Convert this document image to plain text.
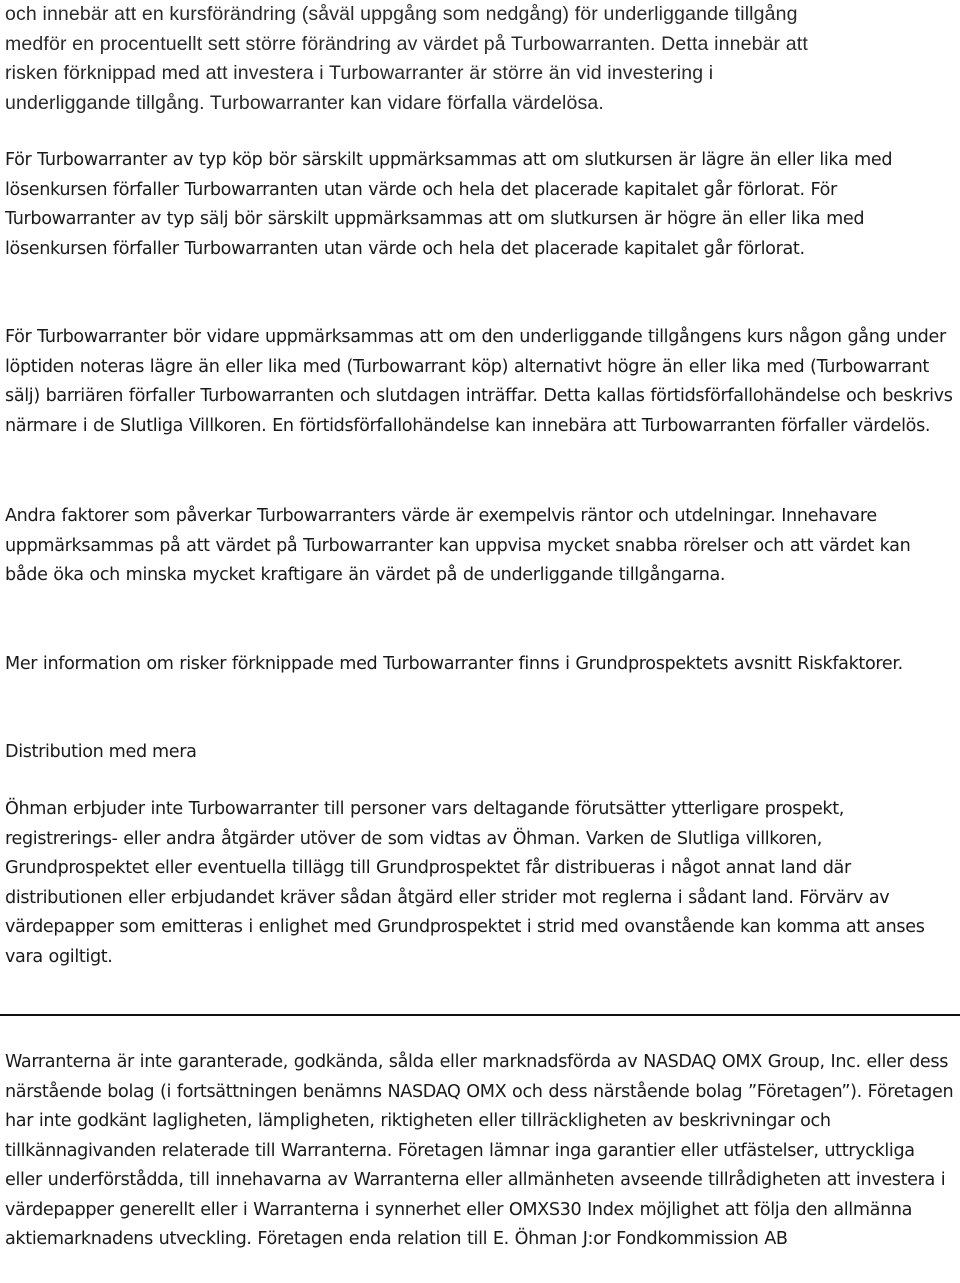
och innebär att en kursförändring (såväl uppgång som nedgång) för underliggande tillgång medför en procentuellt sett större förändring av värdet på Turbowarranten. Detta innebär att risken förknippad med att investera i Turbowarranter är större än vid investering i underliggande tillgång. Turbowarranter kan vidare förfalla värdelösa.

För Turbowarranter av typ köp bör särskilt uppmärksammas att om slutkursen är lägre än eller lika med lösenkursen förfaller Turbowarranten utan värde och hela det placerade kapitalet går förlorat. För Turbowarranter av typ sälj bör särskilt uppmärksammas att om slutkursen är högre än eller lika med lösenkursen förfaller Turbowarranten utan värde och hela det placerade kapitalet går förlorat.

För Turbowarranter bör vidare uppmärksammas att om den underliggande tillgångens kurs någon gång under löptiden noteras lägre än eller lika med (Turbowarrant köp) alternativt högre än eller lika med (Turbowarrant sälj) barriären förfaller Turbowarranten och slutdagen inträffar. Detta kallas förtidsförfallohändelse och beskrivs närmare i de Slutliga Villkoren. En förtidsförfallohändelse kan innebära att Turbowarranten förfaller värdelös.

Andra faktorer som påverkar Turbowarranters värde är exempelvis räntor och utdelningar. Innehavare uppmärksammas på att värdet på Turbowarranter kan uppvisa mycket snabba rörelser och att värdet kan både öka och minska mycket kraftigare än värdet på de underliggande tillgångarna.

Mer information om risker förknippade med Turbowarranter finns i Grundprospektets avsnitt Riskfaktorer.

Distribution med mera

Öhman erbjuder inte Turbowarranter till personer vars deltagande förutsätter ytterligare prospekt, registrerings- eller andra åtgärder utöver de som vidtas av Öhman. Varken de Slutliga villkoren, Grundprospektet eller eventuella tillägg till Grundprospektet får distribueras i något annat land där distributionen eller erbjudandet kräver sådan åtgärd eller strider mot reglerna i sådant land. Förvärv av värdepapper som emitteras i enlighet med Grundprospektet i strid med ovanstående kan komma att anses vara ogiltigt.

Warranterna är inte garanterade, godkända, sålda eller marknadsförda av NASDAQ OMX Group, Inc. eller dess närstående bolag (i fortsättningen benämns NASDAQ OMX och dess närstående bolag ”Företagen”). Företagen har inte godkänt lagligheten, lämpligheten, riktigheten eller tillräckligheten av beskrivningar och tillkännagivanden relaterade till Warranterna. Företagen lämnar inga garantier eller utfästelser, uttryckliga eller underförstådda, till innehavarna av Warranterna eller allmänheten avseende tillrådigheten att investera i värdepapper generellt eller i Warranterna i synnerhet eller OMXS30 Index möjlighet att följa den allmänna aktiemarknadens utveckling. Företagen enda relation till E. Öhman J:or Fondkommission AB
